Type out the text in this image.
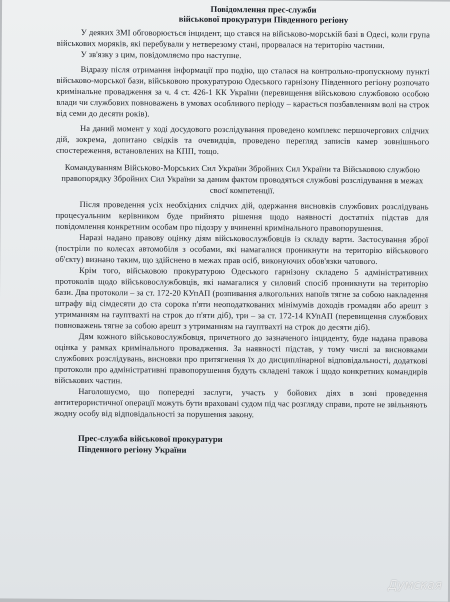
Повідомлення прес-служби
військової прокуратури Південного регіону

У деяких ЗМІ обговорюється інцидент, що стався на військово-морській базі в Одесі, коли група військових моряків, які перебували у нетверезому стані, прорвалася на територію частини.

У зв'язку з цим, повідомляємо про наступне.

Відразу після отримання інформації про подію, що сталася на контрольно-пропускному пункті військово-морської бази, військовою прокуратурою Одеського гарнізону Південного регіону розпочато кримінальне провадження за ч. 4 ст. 426-1 КК України (перевищення військовою службовою особою влади чи службових повноважень в умовах особливого періоду – карається позбавленням волі на строк від семи до десяти років).

На даний момент у ході досудового розслідування проведено комплекс першочергових слідчих дій, зокрема, допитано свідків та очевидців, проведено перегляд записів камер зовнішнього спостереження, встановлених на КПП, тощо.

Командуванням Військово-Морських Сил України Збройних Сил України та Військовою службою правопорядку Збройних Сил України за даним фактом проводяться службові розслідування в межах своєї компетенції.

Після проведення усіх необхідних слідчих дій, одержання висновків службових розслідувань процесуальним керівником буде прийнято рішення щодо наявності достатніх підстав для повідомлення конкретним особам про підозру у вчиненні кримінального правопорушення.

Наразі надано правову оцінку діям військовослужбовців із складу варти. Застосування зброї (постріли по колесах автомобіля з особами, які намагалися проникнути на територію військового об'єкту) визнано таким, що здійснено в межах прав осіб, виконуючих обов'язки чатового.

Крім того, військовою прокуратурою Одеського гарнізону складено 5 адміністративних протоколів щодо військовослужбовців, які намагалися у силовий спосіб проникнути на територію бази. Два протоколи – за ст. 172-20 КУпАП (розпивання алкогольних напоїв тягне за собою накладення штрафу від сімдесяти до ста сорока п'яти неоподаткованих мінімумів доходів громадян або арешт з утриманням на гауптвахті на строк до п'яти діб), три – за ст. 172-14 КУпАП (перевищення службових повноважень тягне за собою арешт з утриманням на гауптвахті на строк до десяти діб).

Дям кожного військовослужбовця, причетного до зазначеного інциденту, буде надана правова оцінка у рамках кримінального провадження. За наявності підстав, у тому числі за висновками службових розслідувань, висновки про притягнення їх до дисциплінарної відповідальності, додаткові протоколи про адміністративні правопорушення будуть складені також і щодо конкретних командирів військових частин.

Наголошуємо, що попередні заслуги, участь у бойових діях в зоні проведення антитерористичної операції можуть бути враховані судом під час розгляду справи, проте не звільняють жодну особу від відповідальності за порушення закону.

Прес-служба військової прокуратури
Південного регіону України
Думская
